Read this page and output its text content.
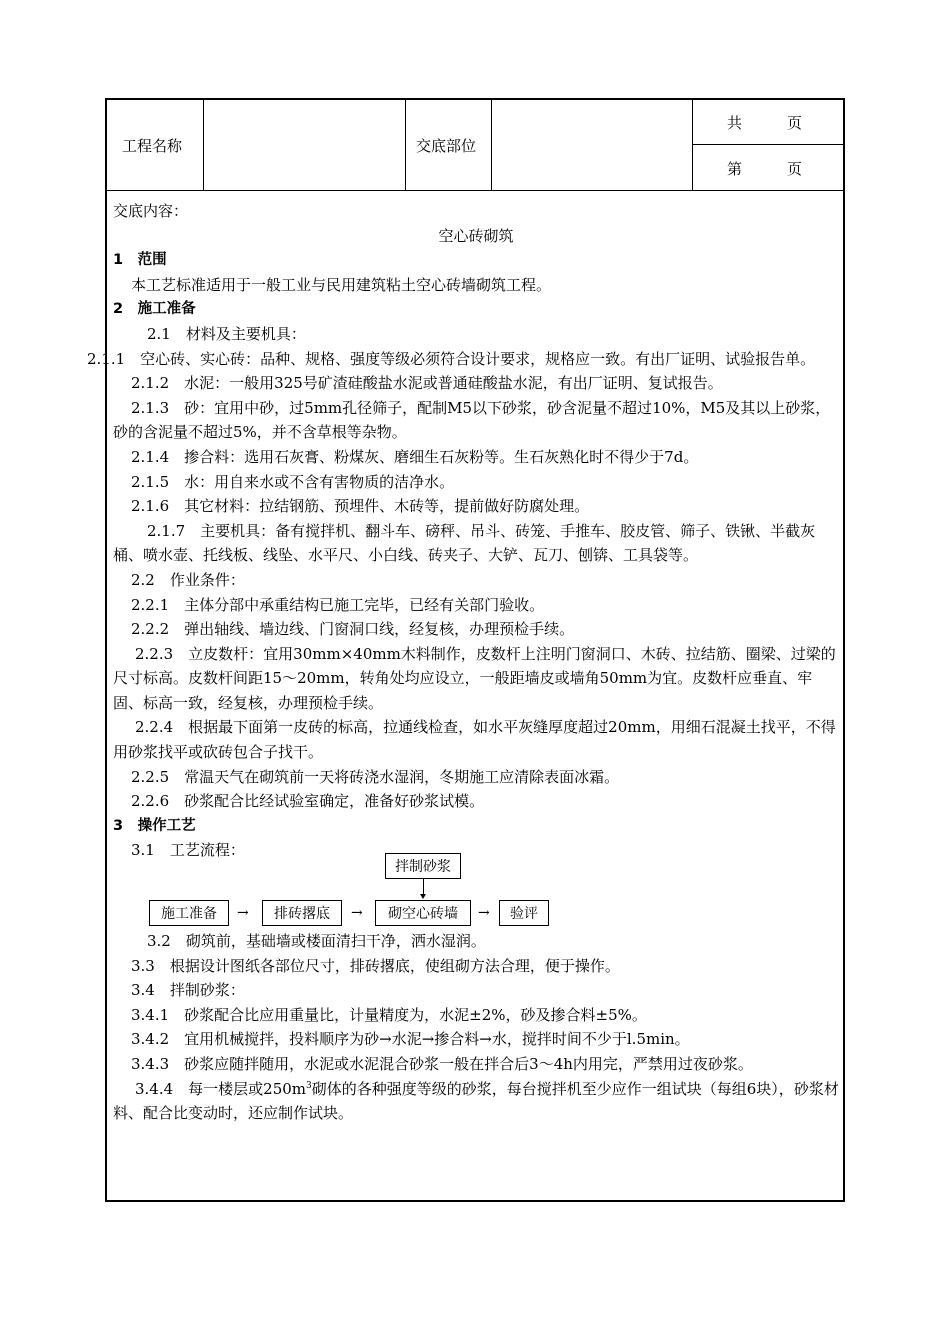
工程名称	交底部位
共　　　页
第　　　页

交底内容：

空心砖砌筑

1　范围

本工艺标准适用于一般工业与民用建筑粘土空心砖墙砌筑工程。

2　施工准备

2.1　材料及主要机具：

2.1.1　空心砖、实心砖：品种、规格、强度等级必须符合设计要求，规格应一致。有出厂证明、试验报告单。

2.1.2　水泥：一般用325号矿渣硅酸盐水泥或普通硅酸盐水泥，有出厂证明、复试报告。

2.1.3　砂：宜用中砂，过5mm孔径筛子，配制M5以下砂浆，砂含泥量不超过10%，M5及其以上砂浆，砂的含泥量不超过5%，并不含草根等杂物。

2.1.4　掺合料：选用石灰膏、粉煤灰、磨细生石灰粉等。生石灰熟化时不得少于7d。

2.1.5　水：用自来水或不含有害物质的洁净水。

2.1.6　其它材料：拉结钢筋、预埋件、木砖等，提前做好防腐处理。

2.1.7　主要机具：备有搅拌机、翻斗车、磅秤、吊斗、砖笼、手推车、胶皮管、筛子、铁锹、半截灰桶、喷水壶、托线板、线坠、水平尺、小白线、砖夹子、大铲、瓦刀、刨锛、工具袋等。

2.2　作业条件：

2.2.1　主体分部中承重结构已施工完毕，已经有关部门验收。

2.2.2　弹出轴线、墙边线、门窗洞口线，经复核，办理预检手续。

2.2.3　立皮数杆：宜用30mm×40mm木料制作，皮数杆上注明门窗洞口、木砖、拉结筋、圈梁、过梁的尺寸标高。皮数杆间距15～20mm，转角处均应设立，一般距墙皮或墙角50mm为宜。皮数杆应垂直、牢固、标高一致，经复核，办理预检手续。

2.2.4　根据最下面第一皮砖的标高，拉通线检查，如水平灰缝厚度超过20mm，用细石混凝土找平，不得用砂浆找平或砍砖包合子找干。

2.2.5　常温天气在砌筑前一天将砖浇水湿润，冬期施工应清除表面冰霜。

2.2.6　砂浆配合比经试验室确定，准备好砂浆试模。

3　操作工艺

3.1　工艺流程：

拌制砂浆
施工准备	→	排砖撂底	→	砌空心砖墙	→	验评

3.2　砌筑前，基础墙或楼面清扫干净，洒水湿润。

3.3　根据设计图纸各部位尺寸，排砖撂底，使组砌方法合理，便于操作。

3.4　拌制砂浆：

3.4.1　砂浆配合比应用重量比，计量精度为，水泥±2%，砂及掺合料±5%。

3.4.2　宜用机械搅拌，投料顺序为砂→水泥→掺合料→水，搅拌时间不少于l.5min。

3.4.3　砂浆应随拌随用，水泥或水泥混合砂浆一般在拌合后3～4h内用完，严禁用过夜砂浆。

3.4.4　每一楼层或$250m^3$砌体的各种强度等级的砂浆，每台搅拌机至少应作一组试块（每组6块），砂浆材料、配合比变动时，还应制作试块。
